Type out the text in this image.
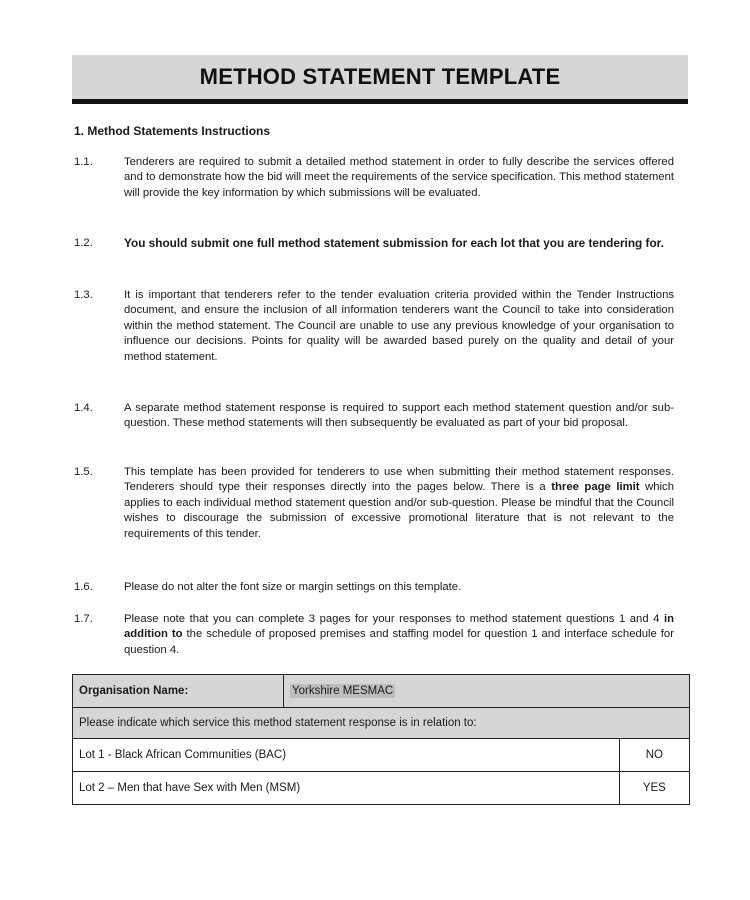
METHOD STATEMENT TEMPLATE
1. Method Statements Instructions
1.1.	Tenderers are required to submit a detailed method statement in order to fully describe the services offered and to demonstrate how the bid will meet the requirements of the service specification. This method statement will provide the key information by which submissions will be evaluated.
1.2.	You should submit one full method statement submission for each lot that you are tendering for.
1.3.	It is important that tenderers refer to the tender evaluation criteria provided within the Tender Instructions document, and ensure the inclusion of all information tenderers want the Council to take into consideration within the method statement. The Council are unable to use any previous knowledge of your organisation to influence our decisions. Points for quality will be awarded based purely on the quality and detail of your method statement.
1.4.	A separate method statement response is required to support each method statement question and/or sub-question. These method statements will then subsequently be evaluated as part of your bid proposal.
1.5.	This template has been provided for tenderers to use when submitting their method statement responses. Tenderers should type their responses directly into the pages below. There is a three page limit which applies to each individual method statement question and/or sub-question. Please be mindful that the Council wishes to discourage the submission of excessive promotional literature that is not relevant to the requirements of this tender.
1.6.	Please do not alter the font size or margin settings on this template.
1.7.	Please note that you can complete 3 pages for your responses to method statement questions 1 and 4 in addition to the schedule of proposed premises and staffing model for question 1 and interface schedule for question 4.
Organisation Name:	Yorkshire MESMAC	
Please indicate which service this method statement response is in relation to:		
Lot 1 - Black African Communities (BAC)		NO
Lot 2 – Men that have Sex with Men (MSM)		YES
